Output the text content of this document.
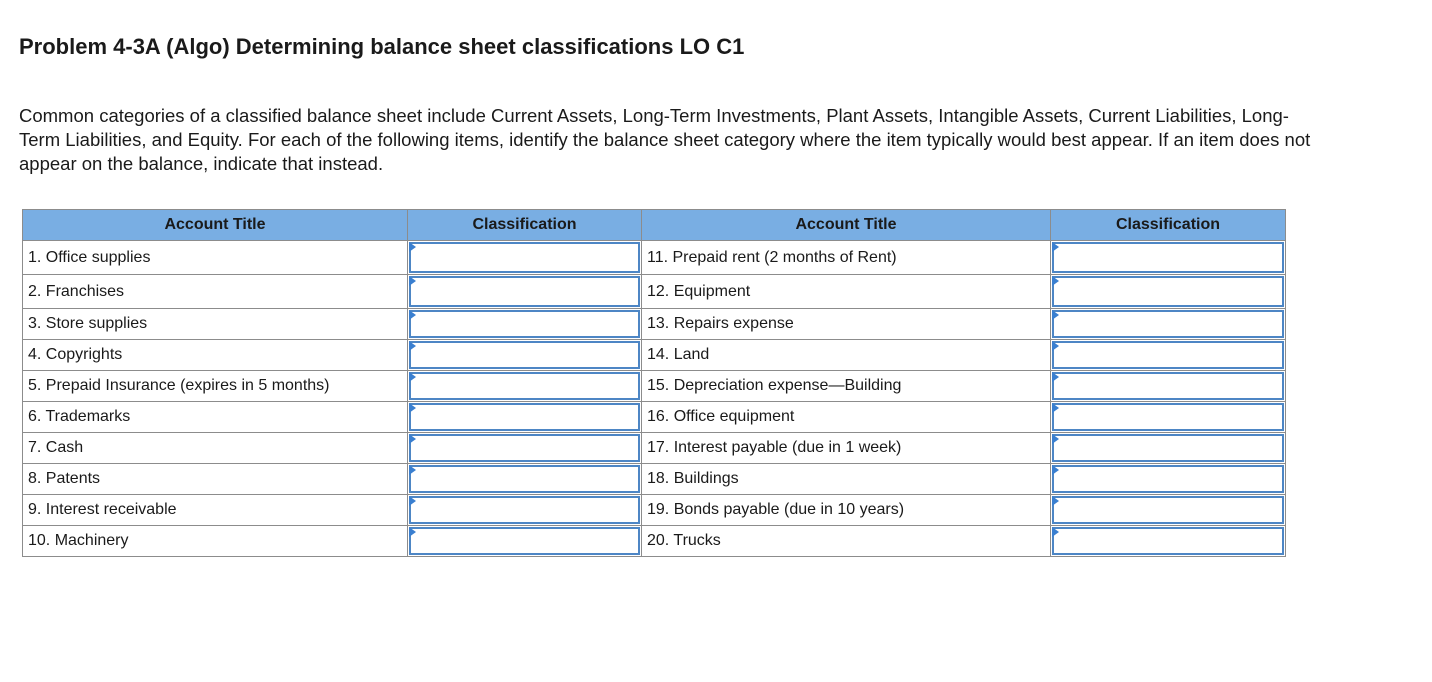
Problem 4-3A (Algo) Determining balance sheet classifications LO C1

Common categories of a classified balance sheet include Current Assets, Long-Term Investments, Plant Assets, Intangible Assets, Current Liabilities, Long-Term Liabilities, and Equity. For each of the following items, identify the balance sheet category where the item typically would best appear. If an item does not appear on the balance, indicate that instead.

Account Title	Classification	Account Title	Classification
1. Office supplies		11. Prepaid rent (2 months of Rent)	

2. Franchises		12. Equipment	

3. Store supplies		13. Repairs expense	

4. Copyrights		14. Land	

5. Prepaid Insurance (expires in 5 months)		15. Depreciation expense—Building	

6. Trademarks		16. Office equipment	

7. Cash		17. Interest payable (due in 1 week)	

8. Patents		18. Buildings	

9. Interest receivable		19. Bonds payable (due in 10 years)	

10. Machinery		20. Trucks	
